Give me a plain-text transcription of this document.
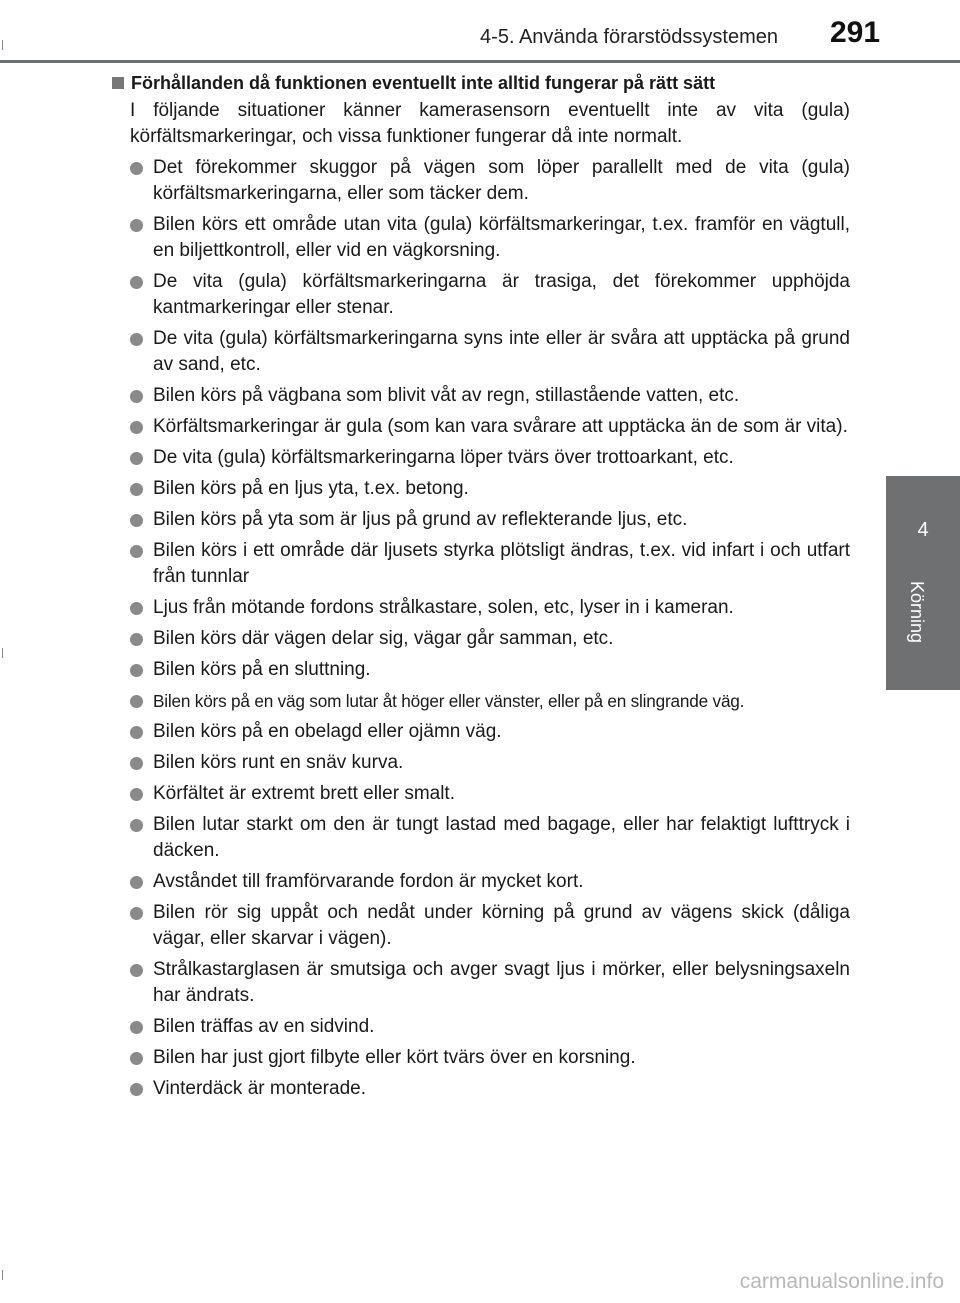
4-5. Använda förarstödssystemen 291
4
Körning
Förhållanden då funktionen eventuellt inte alltid fungerar på rätt sätt

I följande situationer känner kamerasensorn eventuellt inte av vita (gula) körfältsmarkeringar, och vissa funktioner fungerar då inte normalt.

Det förekommer skuggor på vägen som löper parallellt med de vita (gula) körfältsmarkeringarna, eller som täcker dem.
Bilen körs ett område utan vita (gula) körfältsmarkeringar, t.ex. framför en vägtull, en biljettkontroll, eller vid en vägkorsning.
De vita (gula) körfältsmarkeringarna är trasiga, det förekommer upphöjda kantmarkeringar eller stenar.
De vita (gula) körfältsmarkeringarna syns inte eller är svåra att upptäcka på grund av sand, etc.
Bilen körs på vägbana som blivit våt av regn, stillastående vatten, etc.
Körfältsmarkeringar är gula (som kan vara svårare att upptäcka än de som är vita).
De vita (gula) körfältsmarkeringarna löper tvärs över trottoarkant, etc.
Bilen körs på en ljus yta, t.ex. betong.
Bilen körs på yta som är ljus på grund av reflekterande ljus, etc.
Bilen körs i ett område där ljusets styrka plötsligt ändras, t.ex. vid infart i och utfart från tunnlar
Ljus från mötande fordons strålkastare, solen, etc, lyser in i kameran.
Bilen körs där vägen delar sig, vägar går samman, etc.
Bilen körs på en sluttning.
Bilen körs på en väg som lutar åt höger eller vänster, eller på en slingrande väg.
Bilen körs på en obelagd eller ojämn väg.
Bilen körs runt en snäv kurva.
Körfältet är extremt brett eller smalt.
Bilen lutar starkt om den är tungt lastad med bagage, eller har felaktigt lufttryck i däcken.
Avståndet till framförvarande fordon är mycket kort.
Bilen rör sig uppåt och nedåt under körning på grund av vägens skick (dåliga vägar, eller skarvar i vägen).
Strålkastarglasen är smutsiga och avger svagt ljus i mörker, eller belysningsaxeln har ändrats.
Bilen träffas av en sidvind.
Bilen har just gjort filbyte eller kört tvärs över en korsning.
Vinterdäck är monterade.
carmanualsonline.info
